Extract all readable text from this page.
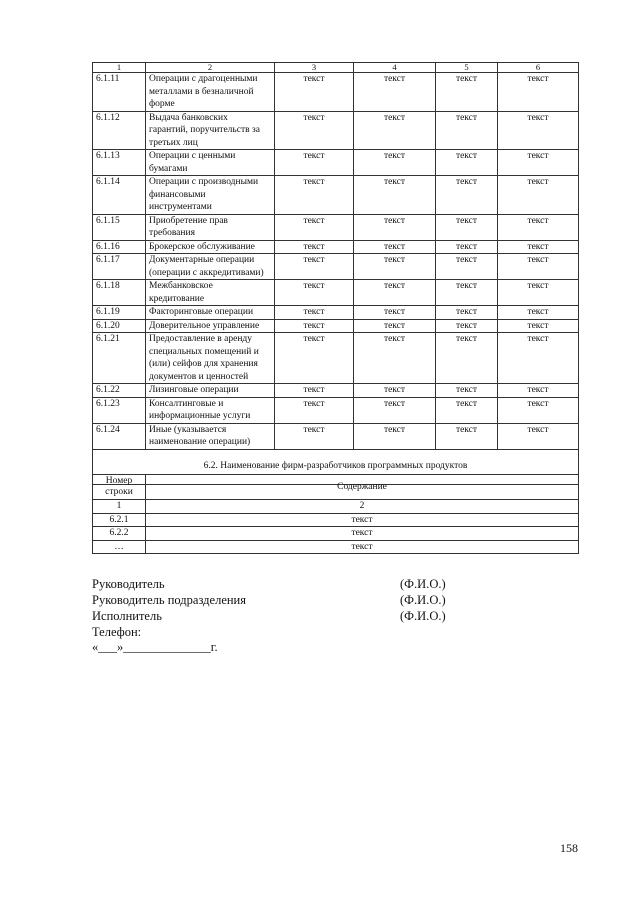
1	2	3	4	5	6
6.1.11	Операции с драгоценными
металлами в безналичной
форме	текст	текст	текст	текст
6.1.12	Выдача банковских
гарантий, поручительств за
третьих лиц	текст	текст	текст	текст
6.1.13	Операции с ценными
бумагами	текст	текст	текст	текст
6.1.14	Операции с производными
финансовыми
инструментами	текст	текст	текст	текст
6.1.15	Приобретение прав
требования	текст	текст	текст	текст
6.1.16	Брокерское обслуживание	текст	текст	текст	текст
6.1.17	Документарные операции
(операции с аккредитивами)	текст	текст	текст	текст
6.1.18	Межбанковское
кредитование	текст	текст	текст	текст
6.1.19	Факторинговые операции	текст	текст	текст	текст
6.1.20	Доверительное управление	текст	текст	текст	текст
6.1.21	Предоставление в аренду
специальных помещений и
(или) сейфов для хранения
документов и ценностей	текст	текст	текст	текст
6.1.22	Лизинговые операции	текст	текст	текст	текст
6.1.23	Консалтинговые и
информационные услуги	текст	текст	текст	текст
6.1.24	Иные (указывается
наименование операции)	текст	текст	текст	текст
6.2. Наименование фирм-разработчиков программных продуктов					
Номер
строки	Содержание
1	2
6.2.1	текст
6.2.2	текст
…	текст
Руководитель	(Ф.И.О.)
Руководитель подразделения	(Ф.И.О.)
Исполнитель	(Ф.И.О.)
Телефон:
«___»______________г.
158
